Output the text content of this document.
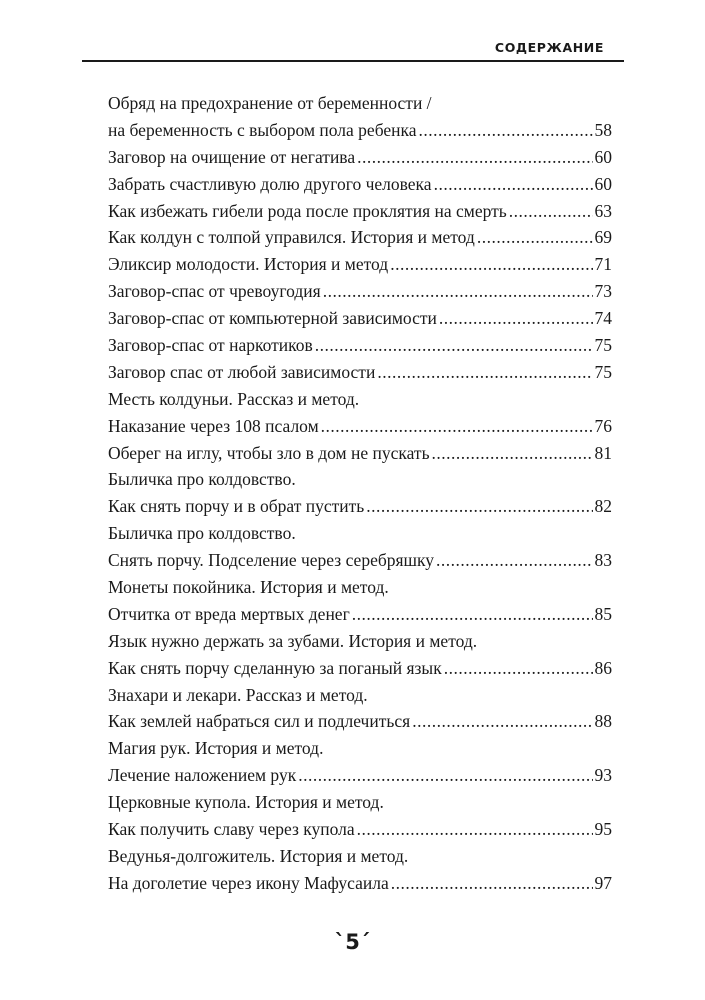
СОДЕРЖАНИЕ
Обряд на предохранение от беременности /
на беременность с выбором пола ребенка .....	58
Заговор на очищение от негатива .....	60
Забрать счастливую долю другого человека .....	60
Как избежать гибели рода после проклятия на смерть .....	63
Как колдун с толпой управился. История и метод .....	69
Эликсир молодости. История и метод .....	71
Заговор-спас от чревоугодия .....	73
Заговор-спас от компьютерной зависимости .....	74
Заговор-спас от наркотиков .....	75
Заговор спас от любой зависимости .....	75
Месть колдуньи. Рассказ и метод.
Наказание через 108 псалом .....	76
Оберег на иглу, чтобы зло в дом не пускать .....	81
Быличка про колдовство.
Как снять порчу и в обрат пустить .....	82
Быличка про колдовство.
Снять порчу. Подселение через серебряшку .....	83
Монеты покойника. История и метод.
Отчитка от вреда мертвых денег .....	85
Язык нужно держать за зубами. История и метод.
Как снять порчу сделанную за поганый язык .....	86
Знахари и лекари. Рассказ и метод.
Как землей набраться сил и подлечиться .....	88
Магия рук. История и метод.
Лечение наложением рук .....	93
Церковные купола. История и метод.
Как получить славу через купола .....	95
Ведунья-долгожитель. История и метод.
На доголетие через икону Мафусаила .....	97
`5´
